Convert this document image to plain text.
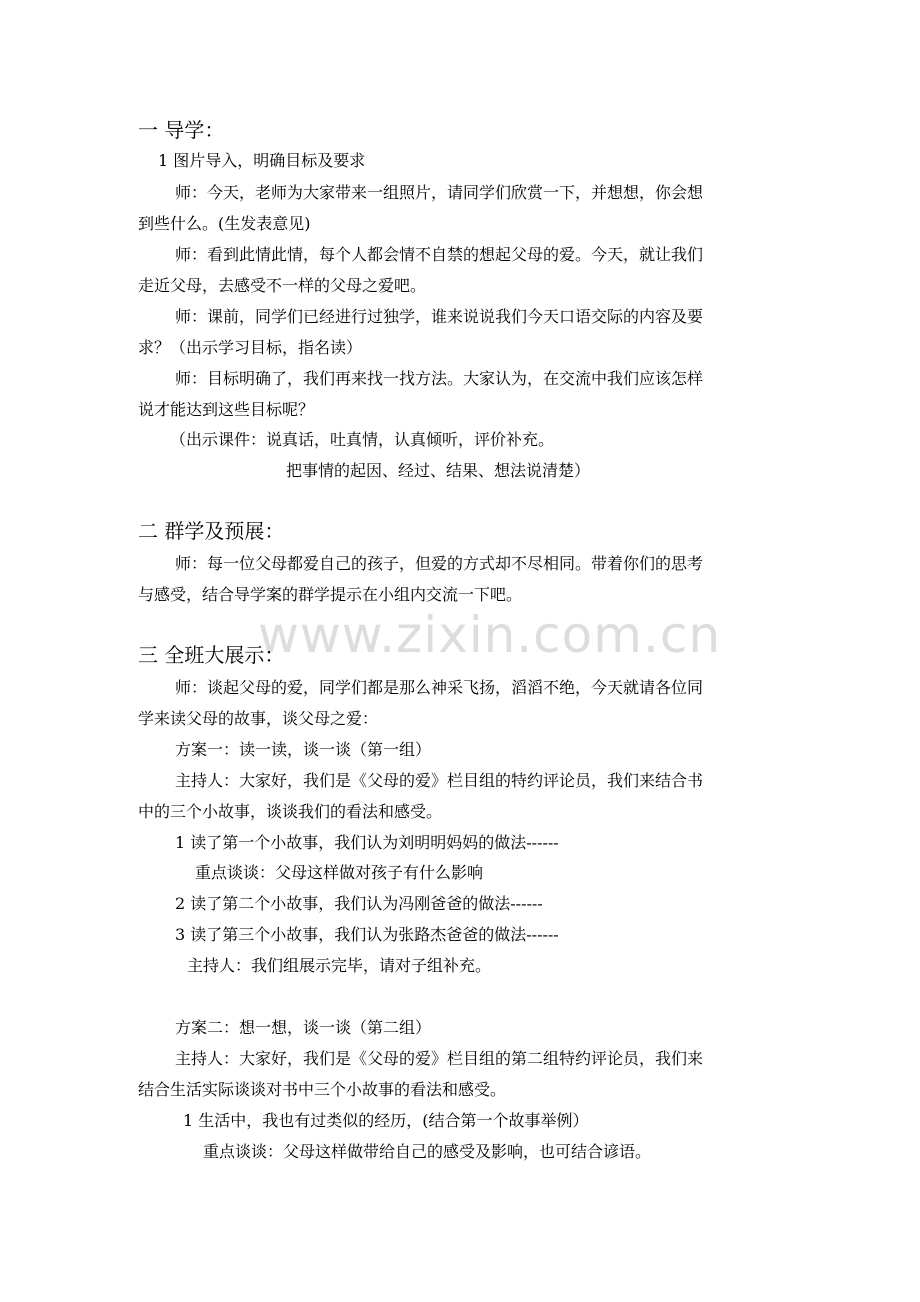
www.zixin.com.cn
一 导学：
1 图片导入，明确目标及要求
师：今天，老师为大家带来一组照片，请同学们欣赏一下，并想想，你会想
到些什么。(生发表意见)
师：看到此情此情，每个人都会情不自禁的想起父母的爱。今天，就让我们
走近父母，去感受不一样的父母之爱吧。
师：课前，同学们已经进行过独学，谁来说说我们今天口语交际的内容及要
求？（出示学习目标，指名读）
师：目标明确了，我们再来找一找方法。大家认为，在交流中我们应该怎样
说才能达到这些目标呢？
（出示课件：说真话，吐真情，认真倾听，评价补充。
把事情的起因、经过、结果、想法说清楚）
二 群学及预展：
师：每一位父母都爱自己的孩子，但爱的方式却不尽相同。带着你们的思考
与感受，结合导学案的群学提示在小组内交流一下吧。
三 全班大展示：
师：谈起父母的爱，同学们都是那么神采飞扬，滔滔不绝，今天就请各位同
学来读父母的故事，谈父母之爱：
方案一：读一读，谈一谈（第一组）
主持人：大家好，我们是《父母的爱》栏目组的特约评论员，我们来结合书
中的三个小故事，谈谈我们的看法和感受。
1 读了第一个小故事，我们认为刘明明妈妈的做法------
重点谈谈：父母这样做对孩子有什么影响
2 读了第二个小故事，我们认为冯刚爸爸的做法------
3 读了第三个小故事，我们认为张路杰爸爸的做法------
主持人：我们组展示完毕，请对子组补充。
方案二：想一想，谈一谈（第二组）
主持人：大家好，我们是《父母的爱》栏目组的第二组特约评论员，我们来
结合生活实际谈谈对书中三个小故事的看法和感受。
1 生活中，我也有过类似的经历，(结合第一个故事举例）
重点谈谈：父母这样做带给自己的感受及影响，也可结合谚语。
